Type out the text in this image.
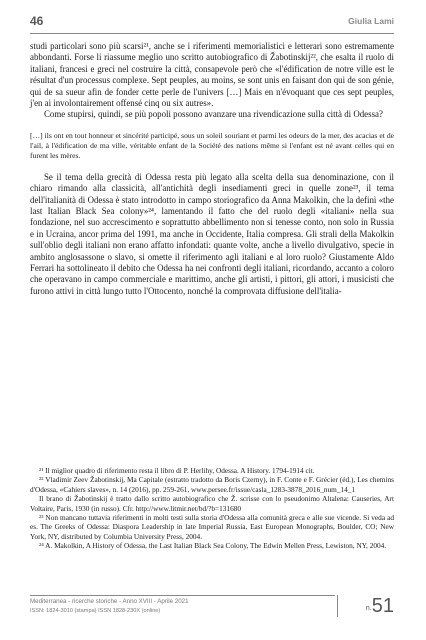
46	Giulia Lami

studi particolari sono più scarsi²¹, anche se i riferimenti memorialistici e letterari sono estremamente abbondanti. Forse li riassume meglio uno scritto autobiografico di Žabotinskij²², che esalta il ruolo di italiani, francesi e greci nel costruire la città, consapevole però che «l'édification de notre ville est le résultat d'un processus complexe. Sept peuples, au moins, se sont unis en faisant don qui de son génie, qui de sa sueur afin de fonder cette perle de l'univers […] Mais en n'évoquant que ces sept peuples, j'en ai involontairement offensé cinq ou six autres».

Come stupirsi, quindi, se più popoli possono avanzare una rivendicazione sulla città di Odessa?

[…] ils ont en tout honneur et sincérité participé, sous un soleil souriant et parmi les odeurs de la mer, des acacias et de l'ail, à l'édification de ma ville, véritable enfant de la Société des nations même si l'enfant est né avant celles qui en furent les mères.

Se il tema della grecità di Odessa resta più legato alla scelta della sua denominazione, con il chiaro rimando alla classicità, all'antichità degli insediamenti greci in quelle zone²³, il tema dell'italianità di Odessa è stato introdotto in campo storiografico da Anna Makolkin, che la definì «the last Italian Black Sea colony»²⁴, lamentando il fatto che del ruolo degli «italiani» nella sua fondazione, nel suo accrescimento e soprattutto abbellimento non si tenesse conto, non solo in Russia e in Ucraina, ancor prima del 1991, ma anche in Occidente, Italia compresa. Gli strali della Makolkin sull'oblio degli italiani non erano affatto infondati: quante volte, anche a livello divulgativo, specie in ambito anglosassone o slavo, si omette il riferimento agli italiani e al loro ruolo? Giustamente Aldo Ferrari ha sottolineato il debito che Odessa ha nei confronti degli italiani, ricordando, accanto a coloro che operavano in campo commerciale e marittimo, anche gli artisti, i pittori, gli attori, i musicisti che furono attivi in città lungo tutto l'Ottocento, nonché la comprovata diffusione dell'italia-

²¹ Il miglior quadro di riferimento resta il libro di P. Herlihy, Odessa. A History. 1794-1914 cit.

²² Vladimir Zeev Žabotinskij, Ma Capitale (estratto tradotto da Boris Czerny), in F. Conte e F. Grécier (éd.), Les chemins d'Odessa, «Cahiers slaves», n. 14 (2016), pp. 259-261, www.persee.fr/issue/casla_1283-3878_2016_num_14_1

Il brano di Žabotinskij è tratto dallo scritto autobiografico che Ž. scrisse con lo pseudonimo Altalena: Causeries, Art Voltaire, Paris, 1930 (in russo). Cfr. http://www.litmir.net/bd/?b=131680

²³ Non mancano tuttavia riferimenti in molti testi sulla storia d'Odessa alla comunità greca e alle sue vicende. Si veda ad es. The Greeks of Odessa: Diaspora Leadership in late Imperial Russia, East European Monographs, Boulder, CO; New York, NY, distributed by Columbia University Press, 2004.

²⁴ A. Makolkin, A History of Odessa, the Last Italian Black Sea Colony, The Edwin Mellen Press, Lewiston, NY, 2004.

Mediterranea - ricerche storiche - Anno XVIII - Aprile 2021
ISSN: 1824-3010 (stampa) ISSN 1828-230X (online)	n.51
